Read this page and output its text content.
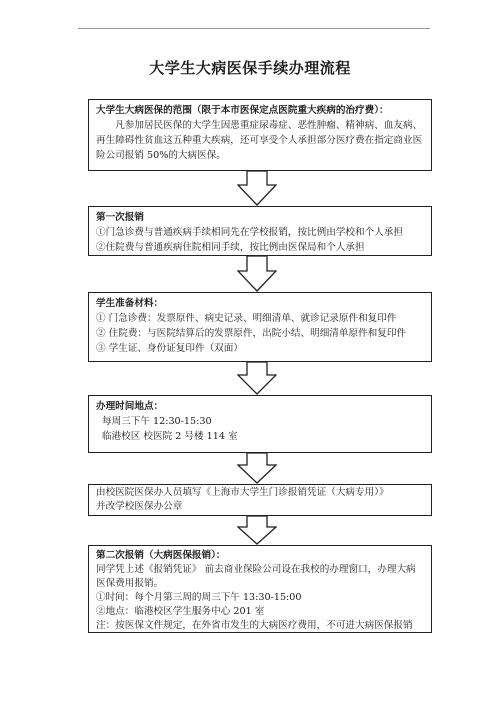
大学生大病医保手续办理流程
大学生大病医保的范围（限于本市医保定点医院重大疾病的治疗费）：

凡参加居民医保的大学生因患重症尿毒症、恶性肿瘤、精神病、血友病、再生障碍性贫血这五种重大疾病，还可享受个人承担部分医疗费在指定商业医险公司报销 50%的大病医保。

第一次报销

①门急诊费与普通疾病手续相同先在学校报销，按比例由学校和个人承担

②住院费与普通疾病住院相同手续，按比例由医保局和个人承担

学生准备材料：

① 门急诊费：发票原件、病史记录、明细清单、就诊记录原件和复印件

② 住院费：与医院结算后的发票原件，出院小结、明细清单原件和复印件

③ 学生证、身份证复印件（双面）

办理时间地点：

每周三下午 12:30-15:30

临港校区 校医院 2 号楼 114 室

由校医院医保办人员填写《上海市大学生门诊报销凭证（大病专用）》

并改学校医保办公章

第二次报销（大病医保报销）：

同学凭上述《报销凭证》 前去商业保险公司设在我校的办理窗口，办理大病医保费用报销。

①时间：每个月第三周的周三下午 13:30-15:00

②地点：临港校区学生服务中心 201 室

注：按医保文件规定，在外省市发生的大病医疗费用，不可进大病医保报销
